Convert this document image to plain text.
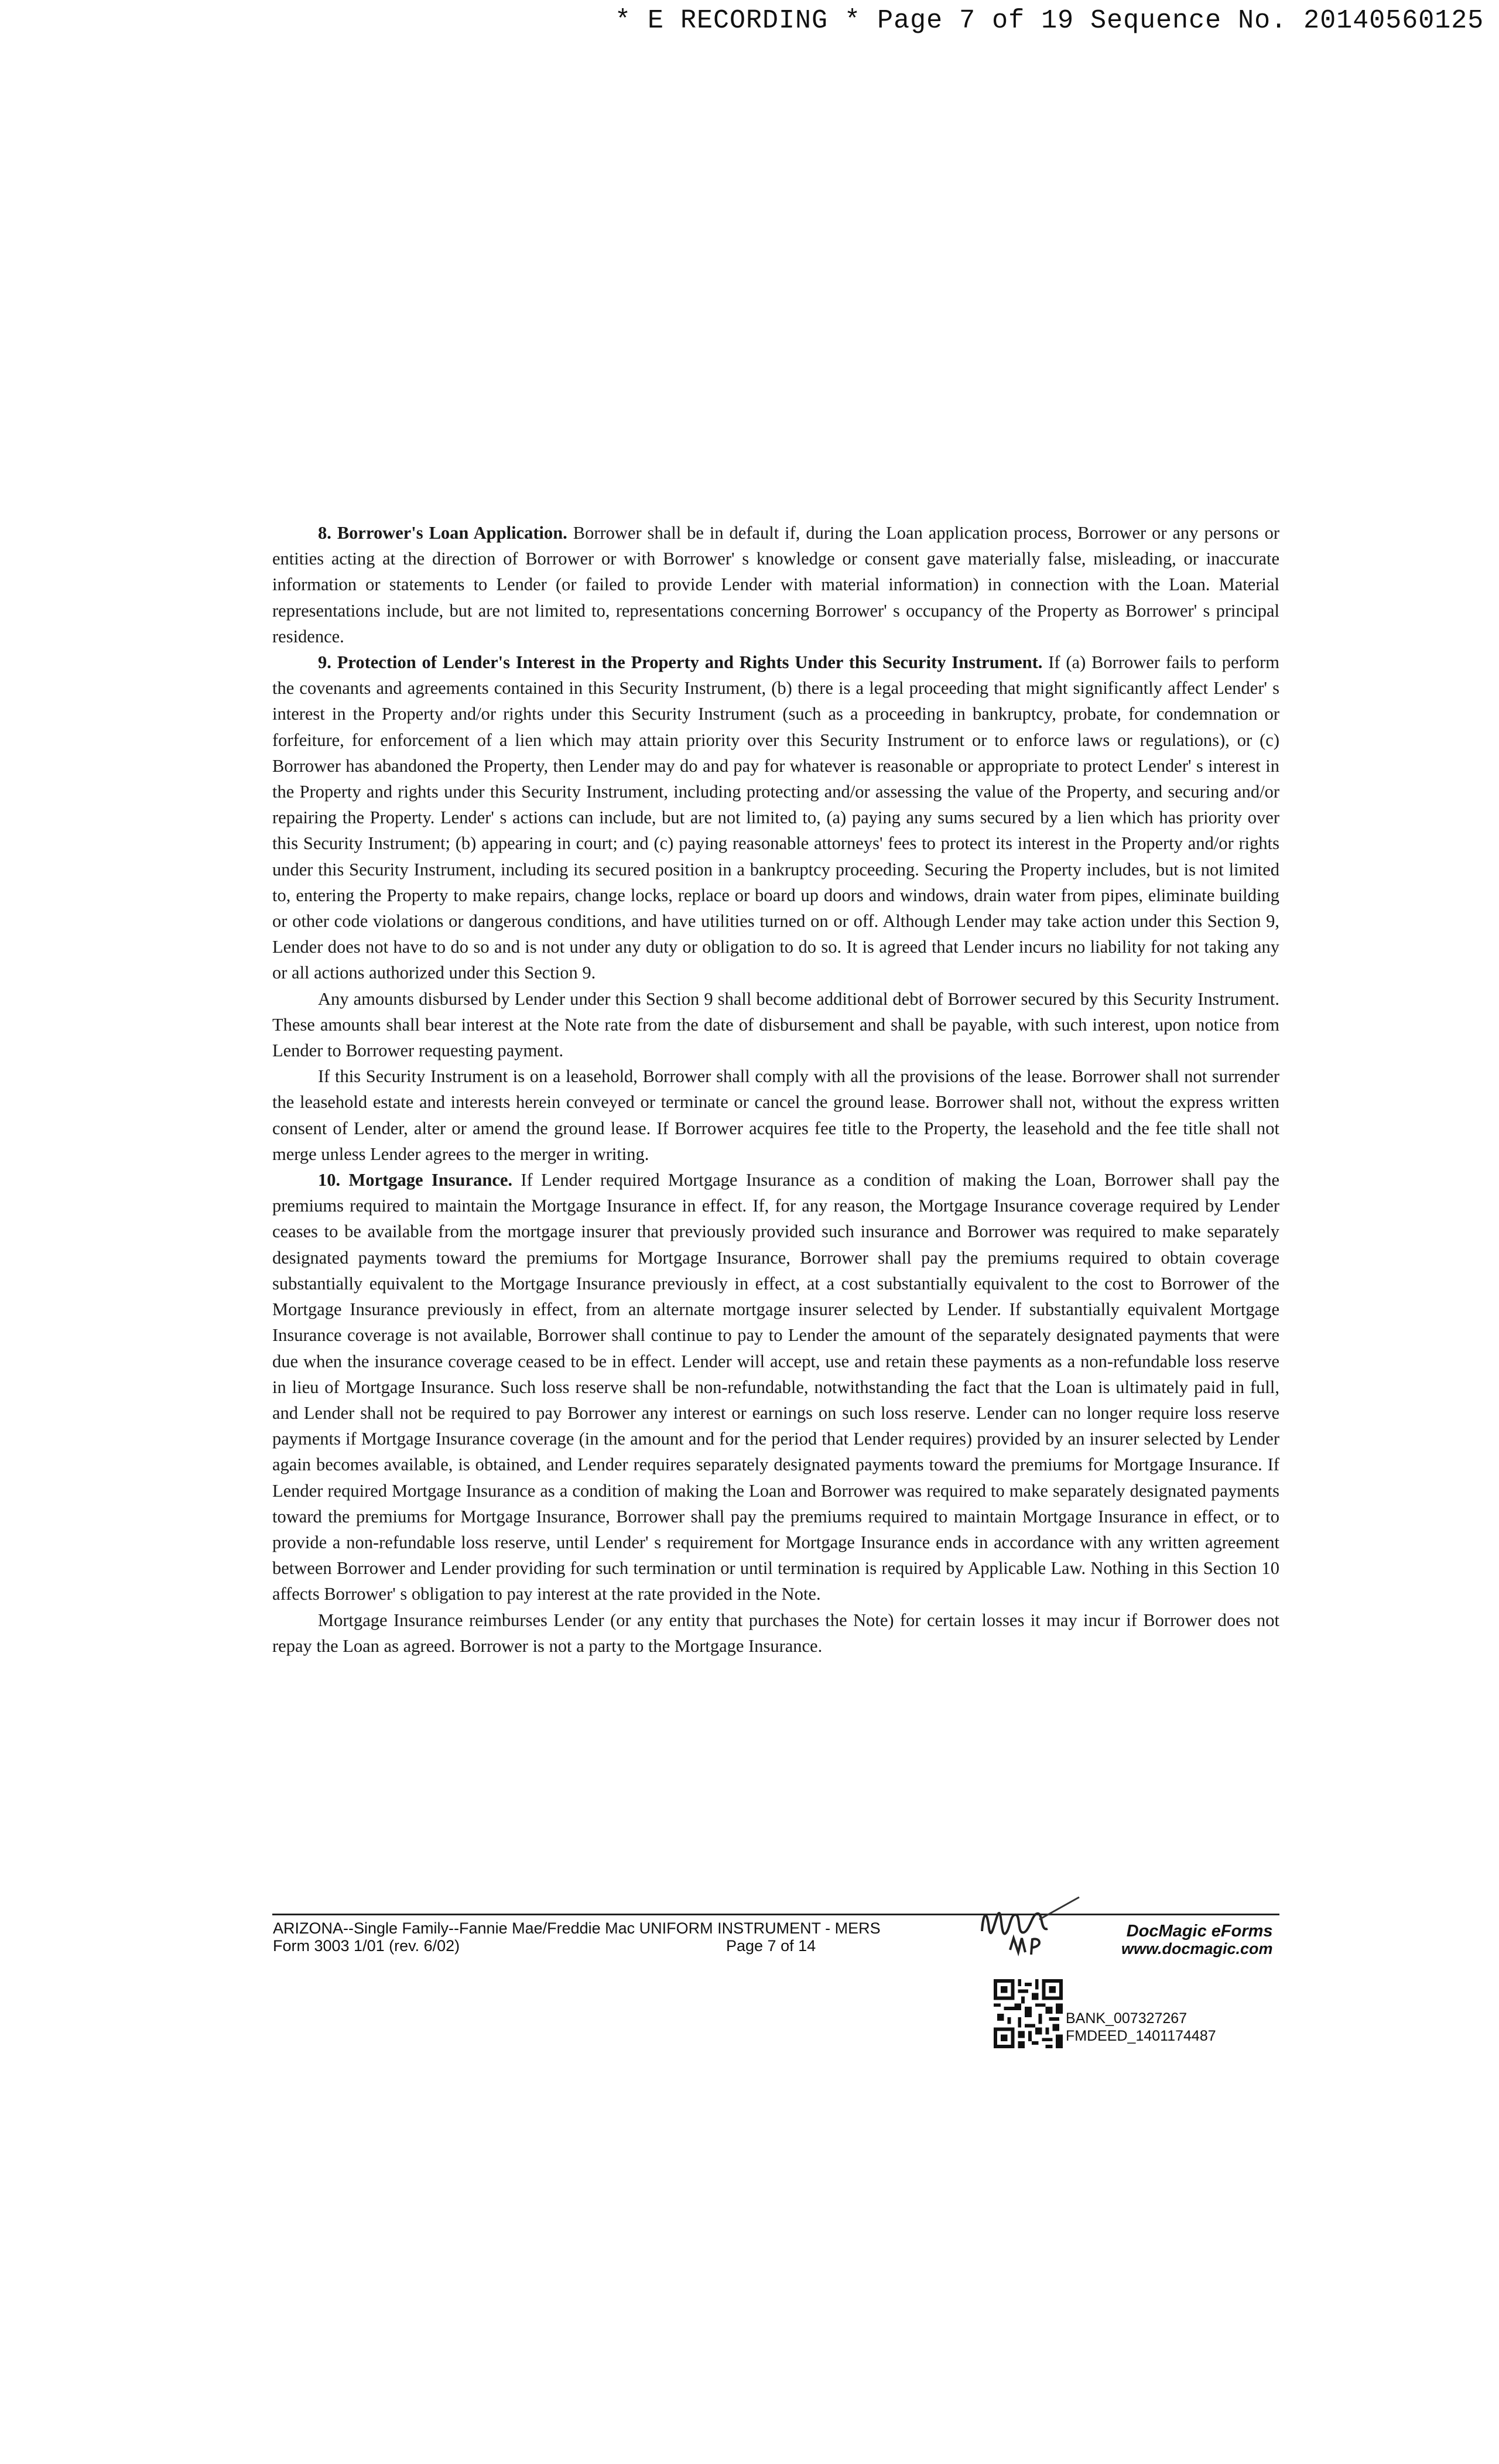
* E RECORDING * Page 7 of 19 Sequence No. 20140560125

8. Borrower's Loan Application. Borrower shall be in default if, during the Loan application process, Borrower or any persons or entities acting at the direction of Borrower or with Borrower' s knowledge or consent gave materially false, misleading, or inaccurate information or statements to Lender (or failed to provide Lender with material information) in connection with the Loan. Material representations include, but are not limited to, representations concerning Borrower' s occupancy of the Property as Borrower' s principal residence.

9. Protection of Lender's Interest in the Property and Rights Under this Security Instrument. If (a) Borrower fails to perform the covenants and agreements contained in this Security Instrument, (b) there is a legal proceeding that might significantly affect Lender' s interest in the Property and/or rights under this Security Instrument (such as a proceeding in bankruptcy, probate, for condemnation or forfeiture, for enforcement of a lien which may attain priority over this Security Instrument or to enforce laws or regulations), or (c) Borrower has abandoned the Property, then Lender may do and pay for whatever is reasonable or appropriate to protect Lender' s interest in the Property and rights under this Security Instrument, including protecting and/or assessing the value of the Property, and securing and/or repairing the Property. Lender' s actions can include, but are not limited to, (a) paying any sums secured by a lien which has priority over this Security Instrument; (b) appearing in court; and (c) paying reasonable attorneys' fees to protect its interest in the Property and/or rights under this Security Instrument, including its secured position in a bankruptcy proceeding. Securing the Property includes, but is not limited to, entering the Property to make repairs, change locks, replace or board up doors and windows, drain water from pipes, eliminate building or other code violations or dangerous conditions, and have utilities turned on or off. Although Lender may take action under this Section 9, Lender does not have to do so and is not under any duty or obligation to do so. It is agreed that Lender incurs no liability for not taking any or all actions authorized under this Section 9.

Any amounts disbursed by Lender under this Section 9 shall become additional debt of Borrower secured by this Security Instrument. These amounts shall bear interest at the Note rate from the date of disbursement and shall be payable, with such interest, upon notice from Lender to Borrower requesting payment.

If this Security Instrument is on a leasehold, Borrower shall comply with all the provisions of the lease. Borrower shall not surrender the leasehold estate and interests herein conveyed or terminate or cancel the ground lease. Borrower shall not, without the express written consent of Lender, alter or amend the ground lease. If Borrower acquires fee title to the Property, the leasehold and the fee title shall not merge unless Lender agrees to the merger in writing.

10. Mortgage Insurance. If Lender required Mortgage Insurance as a condition of making the Loan, Borrower shall pay the premiums required to maintain the Mortgage Insurance in effect. If, for any reason, the Mortgage Insurance coverage required by Lender ceases to be available from the mortgage insurer that previously provided such insurance and Borrower was required to make separately designated payments toward the premiums for Mortgage Insurance, Borrower shall pay the premiums required to obtain coverage substantially equivalent to the Mortgage Insurance previously in effect, at a cost substantially equivalent to the cost to Borrower of the Mortgage Insurance previously in effect, from an alternate mortgage insurer selected by Lender. If substantially equivalent Mortgage Insurance coverage is not available, Borrower shall continue to pay to Lender the amount of the separately designated payments that were due when the insurance coverage ceased to be in effect. Lender will accept, use and retain these payments as a non-refundable loss reserve in lieu of Mortgage Insurance. Such loss reserve shall be non-refundable, notwithstanding the fact that the Loan is ultimately paid in full, and Lender shall not be required to pay Borrower any interest or earnings on such loss reserve. Lender can no longer require loss reserve payments if Mortgage Insurance coverage (in the amount and for the period that Lender requires) provided by an insurer selected by Lender again becomes available, is obtained, and Lender requires separately designated payments toward the premiums for Mortgage Insurance. If Lender required Mortgage Insurance as a condition of making the Loan and Borrower was required to make separately designated payments toward the premiums for Mortgage Insurance, Borrower shall pay the premiums required to maintain Mortgage Insurance in effect, or to provide a non-refundable loss reserve, until Lender' s requirement for Mortgage Insurance ends in accordance with any written agreement between Borrower and Lender providing for such termination or until termination is required by Applicable Law. Nothing in this Section 10 affects Borrower' s obligation to pay interest at the rate provided in the Note.

Mortgage Insurance reimburses Lender (or any entity that purchases the Note) for certain losses it may incur if Borrower does not repay the Loan as agreed. Borrower is not a party to the Mortgage Insurance.

ARIZONA--Single Family--Fannie Mae/Freddie Mac UNIFORM INSTRUMENT - MERS
Form 3003 1/01 (rev. 6/02)	Page 7 of 14
DocMagic eForms
www.docmagic.com
BANK_007327267
FMDEED_1401174487
